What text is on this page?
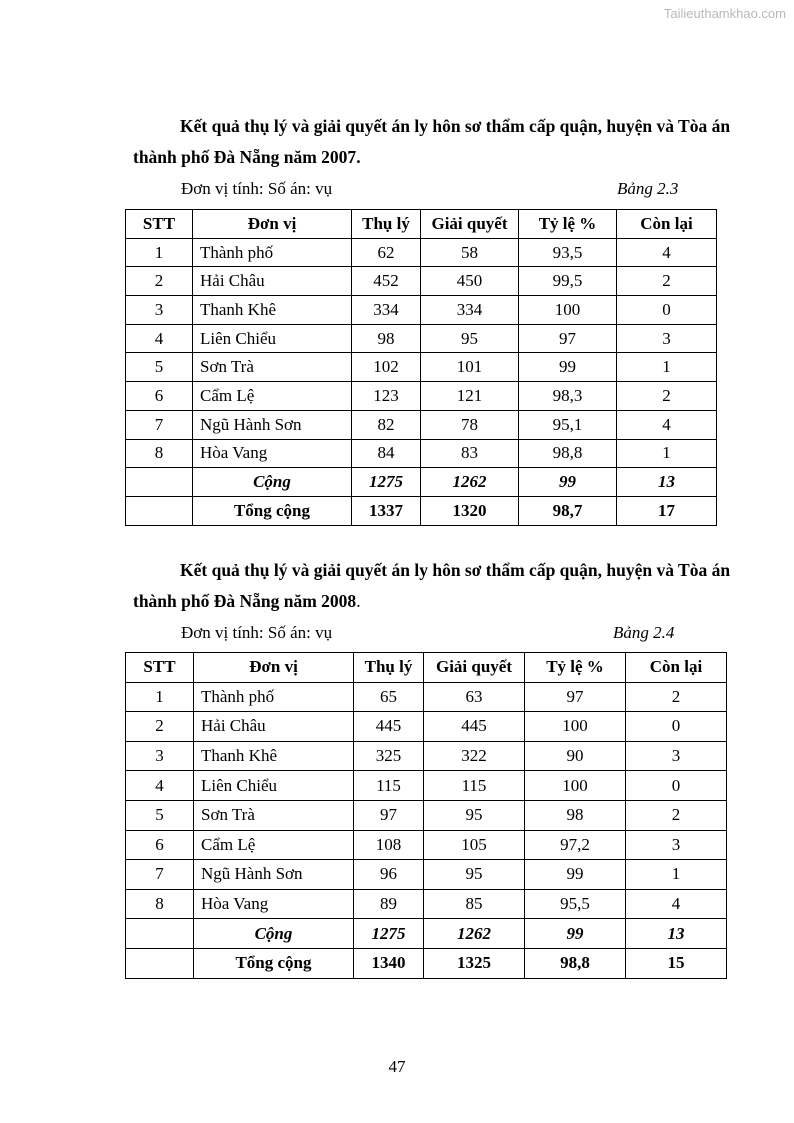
Tailieuthamkhao.com

Kết quả thụ lý và giải quyết án ly hôn sơ thẩm cấp quận, huyện và Tòa án thành phố Đà Nẵng năm 2007.

Đơn vị tính: Số án: vụ	Bảng 2.3
STT	Đơn vị	Thụ lý	Giải quyết	Tỷ lệ %	Còn lại
1	Thành phố	62	58	93,5	4
2	Hải Châu	452	450	99,5	2
3	Thanh Khê	334	334	100	0
4	Liên Chiểu	98	95	97	3
5	Sơn Trà	102	101	99	1
6	Cẩm Lệ	123	121	98,3	2
7	Ngũ Hành Sơn	82	78	95,1	4
8	Hòa Vang	84	83	98,8	1
	Cộng	1275	1262	99	13
	Tổng cộng	1337	1320	98,7	17

Kết quả thụ lý và giải quyết án ly hôn sơ thẩm cấp quận, huyện và Tòa án thành phố Đà Nẵng năm 2008.

Đơn vị tính: Số án: vụ	Bảng 2.4
STT	Đơn vị	Thụ lý	Giải quyết	Tỷ lệ %	Còn lại
1	Thành phố	65	63	97	2
2	Hải Châu	445	445	100	0
3	Thanh Khê	325	322	90	3
4	Liên Chiểu	115	115	100	0
5	Sơn Trà	97	95	98	2
6	Cẩm Lệ	108	105	97,2	3
7	Ngũ Hành Sơn	96	95	99	1
8	Hòa Vang	89	85	95,5	4
	Cộng	1275	1262	99	13
	Tổng cộng	1340	1325	98,8	15
47
